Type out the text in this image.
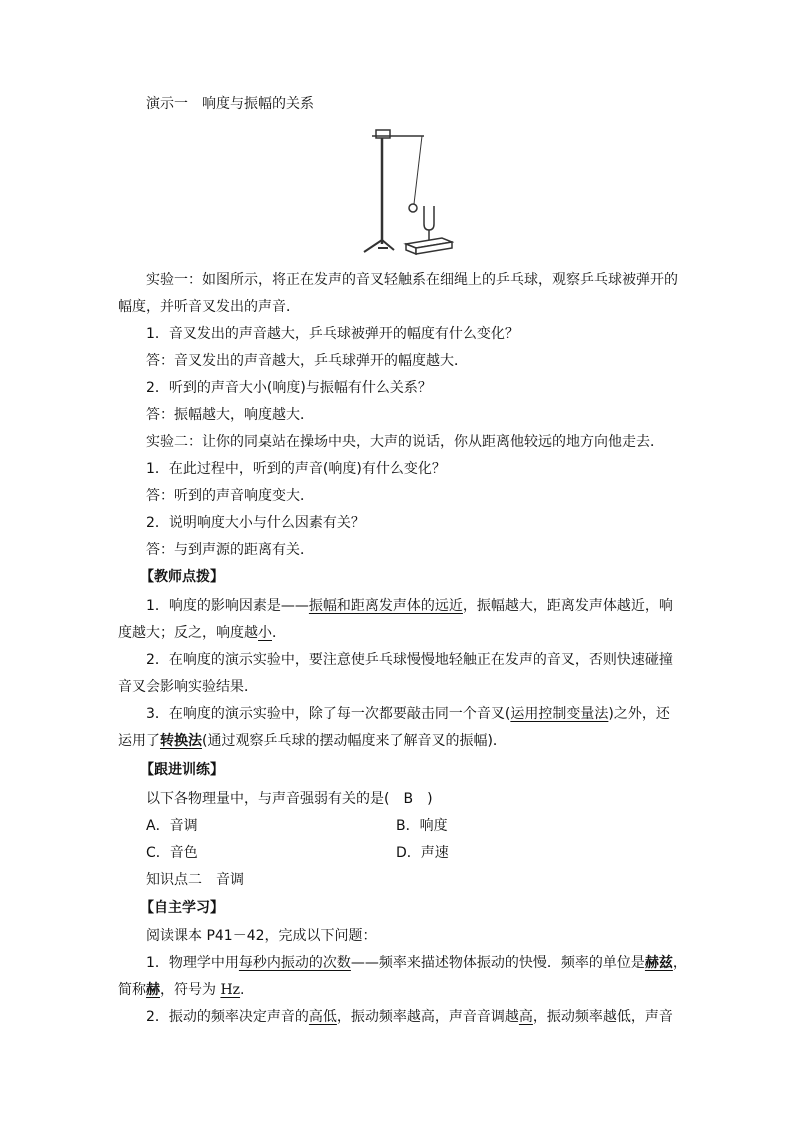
演示一　响度与振幅的关系
实验一：如图所示，将正在发声的音叉轻触系在细绳上的乒乓球，观察乒乓球被弹开的
幅度，并听音叉发出的声音．
1．音叉发出的声音越大，乒乓球被弹开的幅度有什么变化？
答：音叉发出的声音越大，乒乓球弹开的幅度越大．
2．听到的声音大小(响度)与振幅有什么关系？
答：振幅越大，响度越大．
实验二：让你的同桌站在操场中央，大声的说话，你从距离他较远的地方向他走去．
1．在此过程中，听到的声音(响度)有什么变化？
答：听到的声音响度变大．
2．说明响度大小与什么因素有关？
答：与到声源的距离有关．
【教师点拨】
1．响度的影响因素是——振幅和距离发声体的远近，振幅越大，距离发声体越近，响
度越大；反之，响度越小．
2．在响度的演示实验中，要注意使乒乓球慢慢地轻触正在发声的音叉，否则快速碰撞
音叉会影响实验结果．
3．在响度的演示实验中，除了每一次都要敲击同一个音叉(运用控制变量法)之外，还
运用了转换法(通过观察乒乓球的摆动幅度来了解音叉的振幅)．
【跟进训练】
以下各物理量中，与声音强弱有关的是(　B　)
A．音调	B．响度
C．音色	D．声速
知识点二　音调
【自主学习】
阅读课本 P41－42，完成以下问题：
1．物理学中用每秒内振动的次数——频率来描述物体振动的快慢．频率的单位是赫兹，
简称赫，符号为 Hz.
2．振动的频率决定声音的高低，振动频率越高，声音音调越高，振动频率越低，声音
